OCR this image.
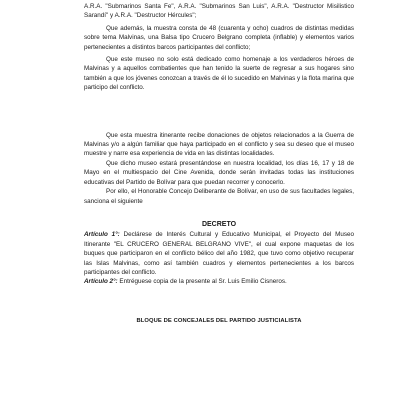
A.R.A. "Submarinos Santa Fe", A.R.A. "Submarinos San Luis", A.R.A. "Destructor Misilistico Sarandí" y A.R.A. "Destructor Hércules";

Que además, la muestra consta de 48 (cuarenta y ocho) cuadros de distintas medidas sobre tema Malvinas, una Balsa tipo Crucero Belgrano completa (inflable) y elementos varios pertenecientes a distintos barcos participantes del conflicto;

Que este museo no solo está dedicado como homenaje a los verdaderos héroes de Malvinas y a aquellos combatientes que han tenido la suerte de regresar a sus hogares sino también a que los jóvenes conozcan a través de él lo sucedido en Malvinas y la flota marina que participo del conflicto.

Que esta muestra itinerante recibe donaciones de objetos relacionados a la Guerra de Malvinas y/o a algún familiar que haya participado en el conflicto y sea su deseo que el museo muestre y narre esa experiencia de vida en las distintas localidades.

Que dicho museo estará presentándose en nuestra localidad, los días 16, 17 y 18 de Mayo en el multiespacio del Cine Avenida, donde serán invitadas todas las instituciones educativas del Partido de Bolívar para que puedan recorrer y conocerlo.

Por ello, el Honorable Concejo Deliberante de Bolívar, en uso de sus facultades legales, sanciona el siguiente

DECRETO

Artículo 1°: Declárese de Interés Cultural y Educativo Municipal, el Proyecto del Museo Itinerante "EL CRUCERO GENERAL BELGRANO VIVE", el cual expone maquetas de los buques que participaron en el conflicto bélico del año 1982, que tuvo como objetivo recuperar las Islas Malvinas, como así también cuadros y elementos pertenecientes a los barcos participantes del conflicto.

Artículo 2°: Entréguese copia de la presente al Sr. Luis Emilio Cisneros.

BLOQUE DE CONCEJALES DEL PARTIDO JUSTICIALISTA
